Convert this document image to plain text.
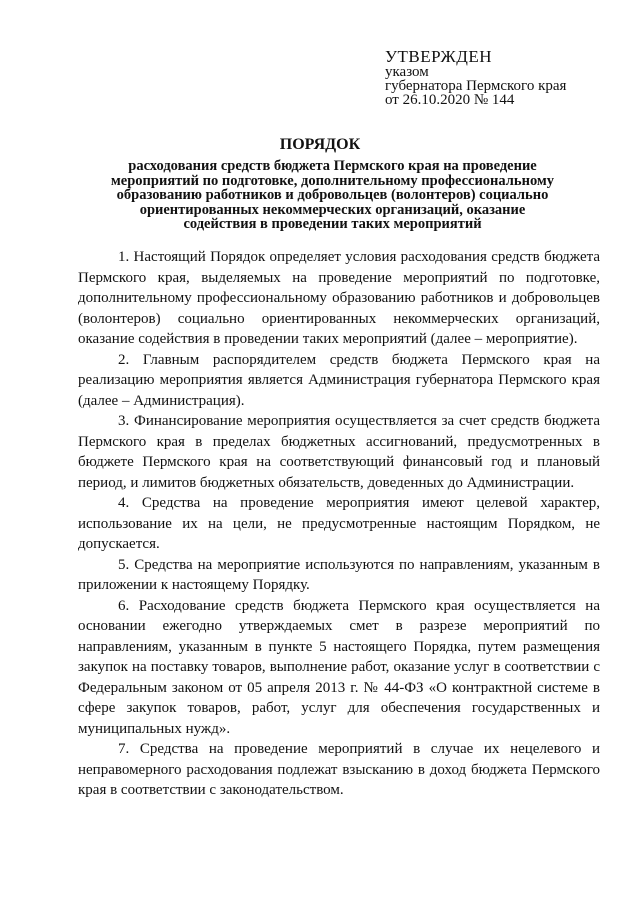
УТВЕРЖДЕН
указом
губернатора Пермского края
от 26.10.2020 № 144
ПОРЯДОК
расходования средств бюджета Пермского края на проведение
мероприятий по подготовке, дополнительному профессиональному
образованию работников и добровольцев (волонтеров) социально
ориентированных некоммерческих организаций, оказание
содействия в проведении таких мероприятий

1. Настоящий Порядок определяет условия расходования средств бюджета Пермского края, выделяемых на проведение мероприятий по подготовке, дополнительному профессиональному образованию работников и добровольцев (волонтеров) социально ориентированных некоммерческих организаций, оказание содействия в проведении таких мероприятий (далее – мероприятие).

2. Главным распорядителем средств бюджета Пермского края на реализацию мероприятия является Администрация губернатора Пермского края (далее – Администрация).

3. Финансирование мероприятия осуществляется за счет средств бюджета Пермского края в пределах бюджетных ассигнований, предусмотренных в бюджете Пермского края на соответствующий финансовый год и плановый период, и лимитов бюджетных обязательств, доведенных до Администрации.

4. Средства на проведение мероприятия имеют целевой характер, использование их на цели, не предусмотренные настоящим Порядком, не допускается.

5. Средства на мероприятие используются по направлениям, указанным в приложении к настоящему Порядку.

6. Расходование средств бюджета Пермского края осуществляется на основании ежегодно утверждаемых смет в разрезе мероприятий по направлениям, указанным в пункте 5 настоящего Порядка, путем размещения закупок на поставку товаров, выполнение работ, оказание услуг в соответствии с Федеральным законом от 05 апреля 2013 г. № 44-ФЗ «О контрактной системе в сфере закупок товаров, работ, услуг для обеспечения государственных и муниципальных нужд».

7. Средства на проведение мероприятий в случае их нецелевого и неправомерного расходования подлежат взысканию в доход бюджета Пермского края в соответствии с законодательством.
